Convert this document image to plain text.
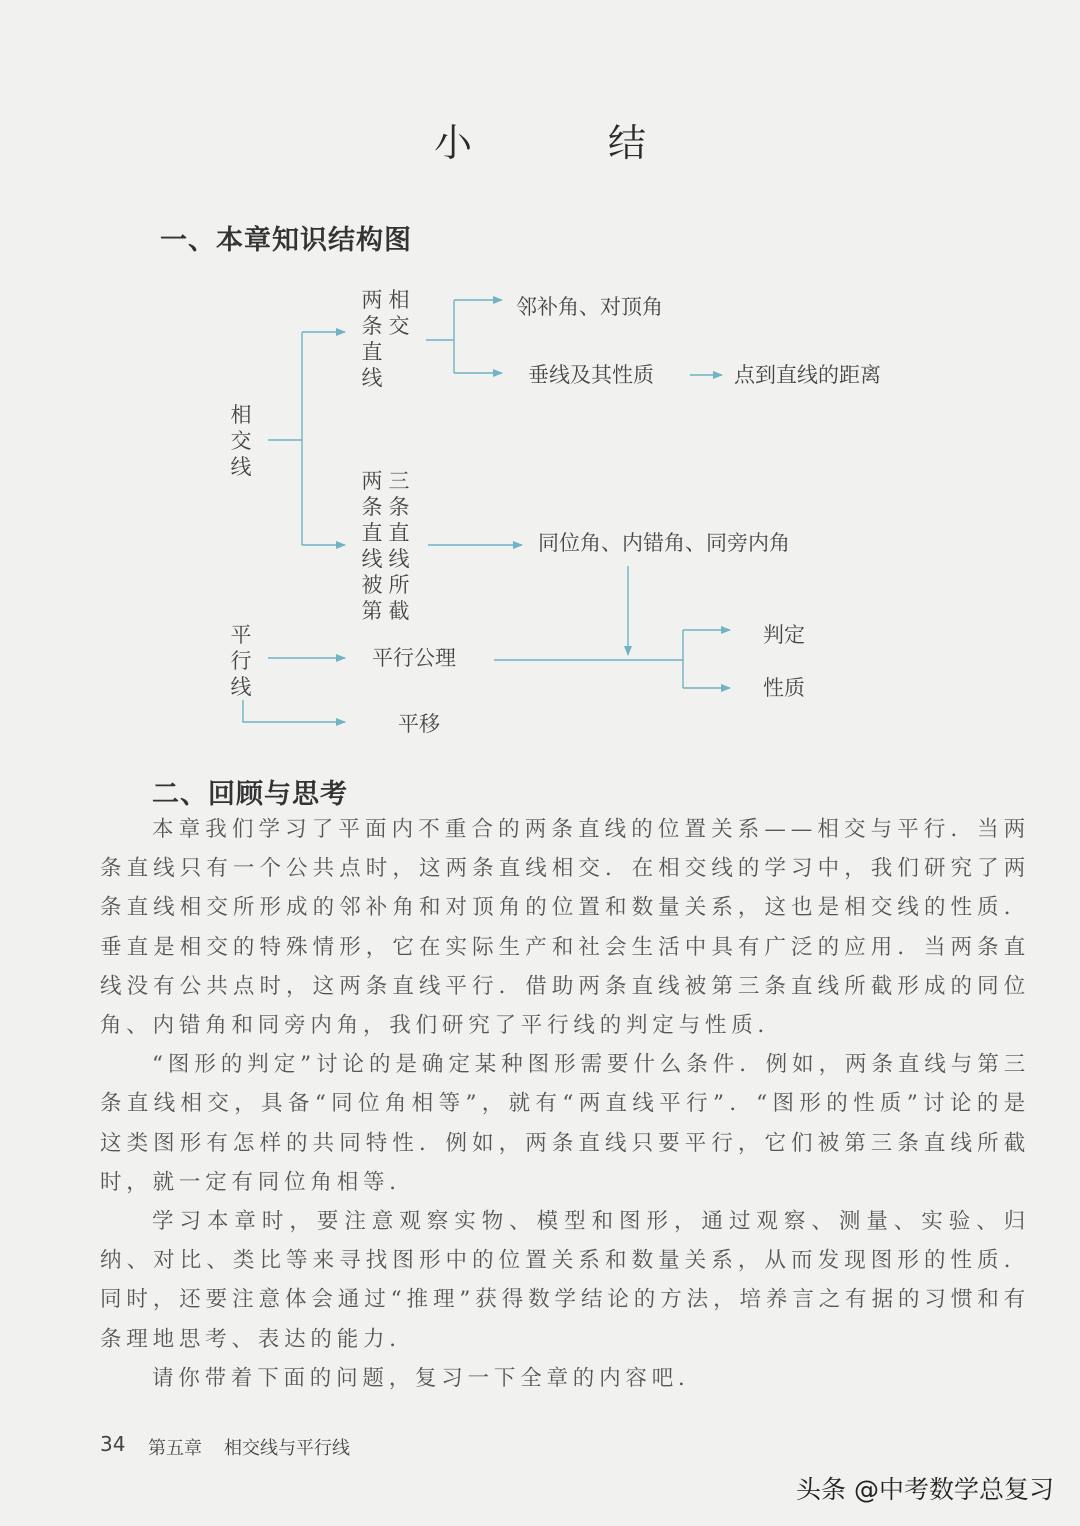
小 结
一、本章知识结构图
相交线
平行线
两条直线
相交
两条直线被第
三条直线所截
邻补角、对顶角
垂线及其性质	点到直线的距离
同位角、内错角、同旁内角
平行公理
判定
性质
平移
二、回顾与思考

本章我们学习了平面内不重合的两条直线的位置关系——相交与平行．当两条直线只有一个公共点时，这两条直线相交．在相交线的学习中，我们研究了两条直线相交所形成的邻补角和对顶角的位置和数量关系，这也是相交线的性质．垂直是相交的特殊情形，它在实际生产和社会生活中具有广泛的应用．当两条直线没有公共点时，这两条直线平行．借助两条直线被第三条直线所截形成的同位角、内错角和同旁内角，我们研究了平行线的判定与性质．

“图形的判定”讨论的是确定某种图形需要什么条件．例如，两条直线与第三条直线相交，具备“同位角相等”，就有“两直线平行”．“图形的性质”讨论的是这类图形有怎样的共同特性．例如，两条直线只要平行，它们被第三条直线所截时，就一定有同位角相等．

学习本章时，要注意观察实物、模型和图形，通过观察、测量、实验、归纳、对比、类比等来寻找图形中的位置关系和数量关系，从而发现图形的性质．同时，还要注意体会通过“推理”获得数学结论的方法，培养言之有据的习惯和有条理地思考、表达的能力．

请你带着下面的问题，复习一下全章的内容吧．

34 第五章 相交线与平行线
头条 @中考数学总复习
